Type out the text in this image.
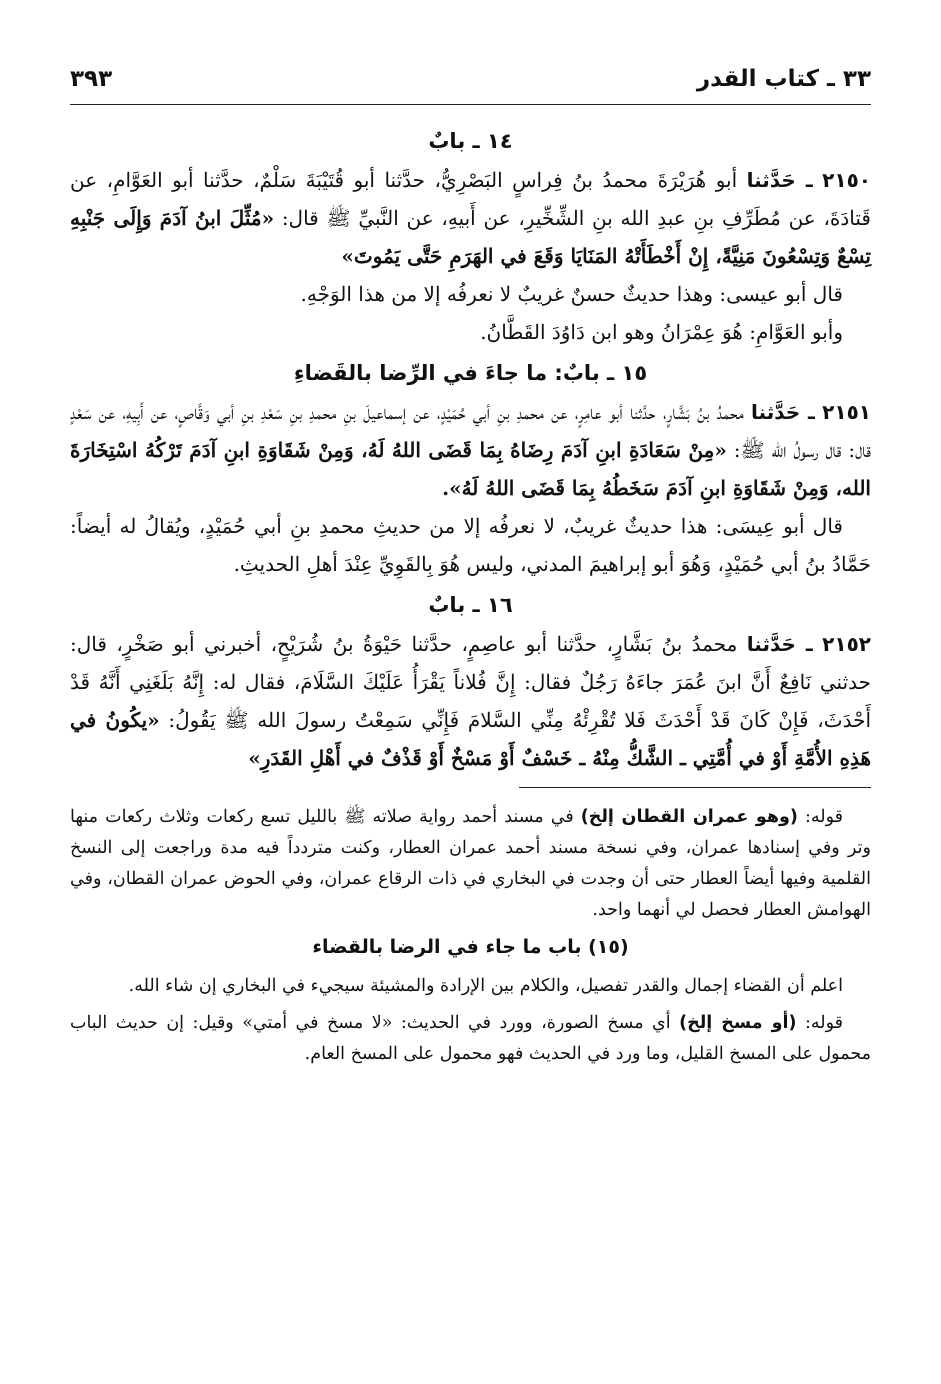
٣٣ ـ كتاب القدر
٣٩٣
١٤ ـ بابٌ

٢١٥٠ ـ حَدَّثنا أبو هُرَيْرَةَ محمدُ بنُ فِراسٍ البَصْرِيُّ، حدَّثنا أبو قُتَيْبَةَ سَلْمٌ، حدَّثنا أبو العَوَّامِ، عن قَتادَةَ، عن مُطَرِّفِ بنِ عبدِ الله بنِ الشِّخِّيرِ، عن أَبيهِ، عن النَّبيِّ ﷺ قال: «مُثِّلَ ابنُ آدَمَ وَإِلَى جَنْبِهِ تِسْعٌ وَتِسْعُونَ مَنِيَّةً، إِنْ أَخْطَأَتْهُ المَنَايَا وَقَعَ في الهَرَمِ حَتَّى يَمُوتَ»

قال أبو عيسى: وهذا حديثٌ حسنٌ غريبٌ لا نعرفُه إلا من هذا الوَجْهِ.

وأبو العَوَّامِ: هُوَ عِمْرَانُ وهو ابن دَاوُدَ القَطَّانُ.

١٥ ـ بابٌ: ما جاءَ في الرِّضا بالقَضاءِ

٢١٥١ ـ حَدَّثنا محمدُ بنُ بَشَّارٍ، حدَّثنا أبو عامِرٍ، عن محمدِ بنِ أبي حُمَيْدٍ، عن إسماعيلَ بنِ محمدِ بنِ سَعْدِ بنِ أبي وَقَّاصٍ، عن أَبِيهِ، عن سَعْدٍ قال: قال رسولُ الله ﷺ: «مِنْ سَعَادَةِ ابنِ آدَمَ رِضَاهُ بِمَا قَضَى اللهُ لَهُ، وَمِنْ شَقَاوَةِ ابنِ آدَمَ تَرْكُهُ اسْتِخَارَةَ الله، وَمِنْ شَقَاوَةِ ابنِ آدَمَ سَخَطُهُ بِمَا قَضَى اللهُ لَهُ».

قال أبو عِيسَى: هذا حديثٌ غريبٌ، لا نعرفُه إلا من حديثِ محمدِ بنِ أبي حُمَيْدٍ، ويُقالُ له أيضاً: حَمَّادُ بنُ أبي حُمَيْدٍ، وَهُوَ أبو إبراهيمَ المدني، وليس هُوَ بِالقَوِيِّ عِنْدَ أهلِ الحديثِ.

١٦ ـ بابٌ

٢١٥٢ ـ حَدَّثنا محمدُ بنُ بَشَّارٍ، حدَّثنا أبو عاصِمٍ، حدَّثنا حَيْوَةُ بنُ شُرَيْحٍ، أخبرني أبو صَخْرٍ، قال: حدثني نَافِعٌ أَنَّ ابنَ عُمَرَ جاءَهُ رَجُلٌ فقال: إِنَّ فُلاناً يَقْرَأُ عَلَيْكَ السَّلَامَ، فقال له: إِنَّهُ بَلَغَنِي أَنَّهُ قَدْ أَحْدَثَ، فَإِنْ كَانَ قَدْ أَحْدَثَ فَلا تُقْرِئْهُ مِنِّي السَّلامَ فَإِنِّي سَمِعْتُ رسولَ الله ﷺ يَقُولُ: «يكُونُ في هَذِهِ الأُمَّةِ أَوْ في أُمَّتِي ـ الشَّكُّ مِنْهُ ـ خَسْفٌ أَوْ مَسْخٌ أَوْ قَذْفٌ في أَهْلِ القَدَرِ»

قوله: (وهو عمران القطان إلخ) في مسند أحمد رواية صلاته ﷺ بالليل تسع ركعات وثلاث ركعات منها وتر وفي إسنادها عمران، وفي نسخة مسند أحمد عمران العطار، وكنت متردداً فيه مدة وراجعت إلى النسخ القلمية وفيها أيضاً العطار حتى أن وجدت في البخاري في ذات الرقاع عمران، وفي الحوض عمران القطان، وفي الهوامش العطار فحصل لي أنهما واحد.

(١٥) باب ما جاء في الرضا بالقضاء

اعلم أن القضاء إجمال والقدر تفصيل، والكلام بين الإرادة والمشيئة سيجيء في البخاري إن شاء الله.

قوله: (أو مسخ إلخ) أي مسخ الصورة، وورد في الحديث: «لا مسخ في أمتي» وقيل: إن حديث الباب محمول على المسخ القليل، وما ورد في الحديث فهو محمول على المسخ العام.
